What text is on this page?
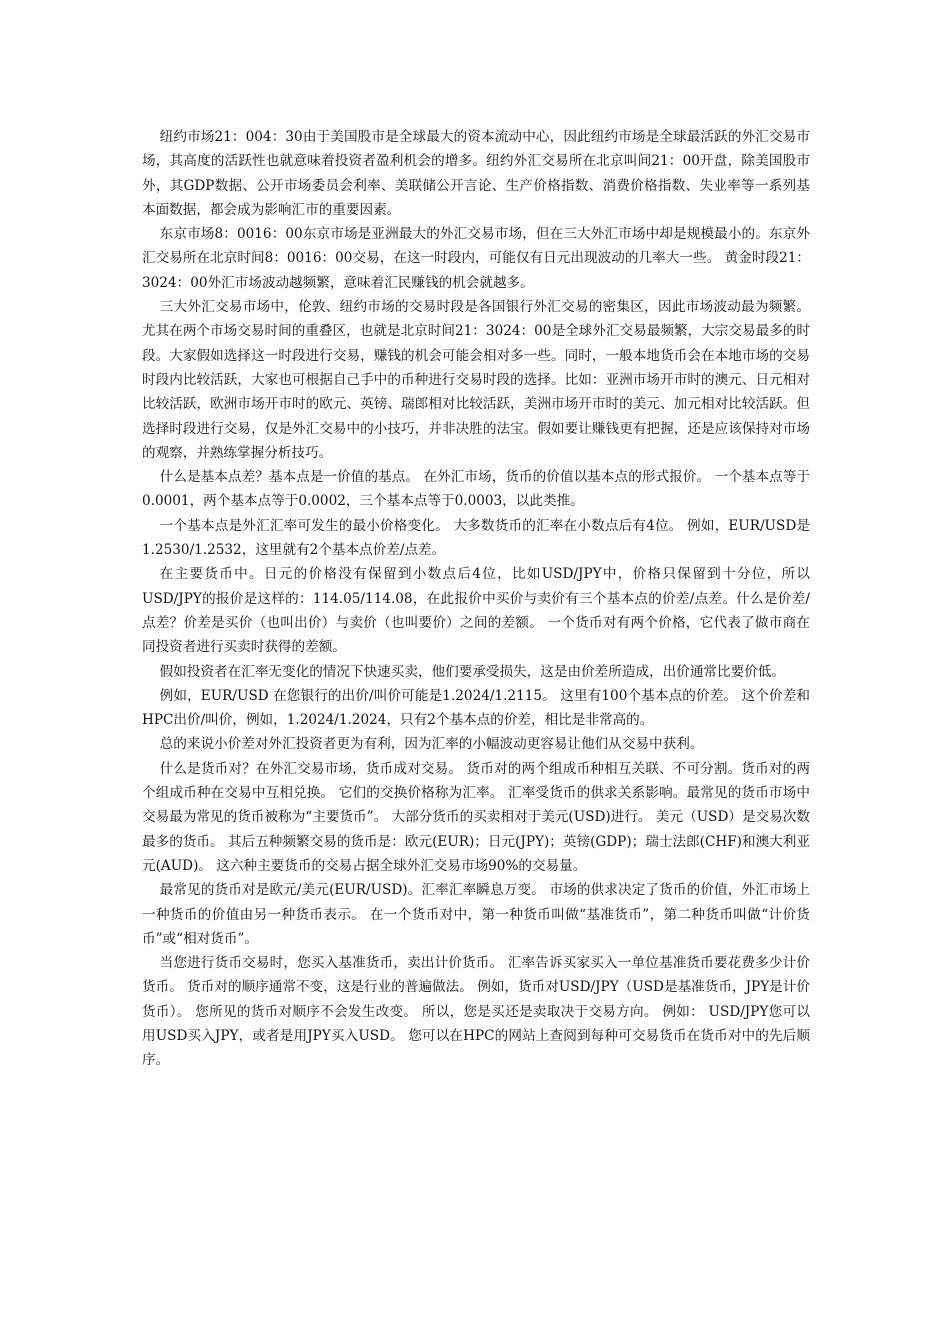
纽约市场21：004：30由于美国股市是全球最大的资本流动中心，因此纽约市场是全球最活跃的外汇交易市场，其高度的活跃性也就意味着投资者盈利机会的增多。纽约外汇交易所在北京叫间21：00开盘，除美国股市外，其GDP数据、公开市场委员会利率、美联储公开言论、生产价格指数、消费价格指数、失业率等一系列基本面数据，都会成为影响汇市的重要因素。

东京市场8：0016：00东京市场是亚洲最大的外汇交易市场，但在三大外汇市场中却是规模最小的。东京外汇交易所在北京时间8：0016：00交易，在这一时段内，可能仅有日元出现波动的几率大一些。 黄金时段21：3024：00外汇市场波动越频繁，意味着汇民赚钱的机会就越多。

三大外汇交易市场中，伦敦、纽约市场的交易时段是各国银行外汇交易的密集区，因此市场波动最为频繁。尤其在两个市场交易时间的重叠区，也就是北京时间21：3024：00是全球外汇交易最频繁，大宗交易最多的时段。大家假如选择这一时段进行交易，赚钱的机会可能会相对多一些。同时，一般本地货币会在本地市场的交易时段内比较活跃，大家也可根据自己手中的币种进行交易时段的选择。比如：亚洲市场开市时的澳元、日元相对比较活跃，欧洲市场开市时的欧元、英镑、瑞郎相对比较活跃，美洲市场开市时的美元、加元相对比较活跃。但选择时段进行交易，仅是外汇交易中的小技巧，并非决胜的法宝。假如要让赚钱更有把握，还是应该保持对市场的观察，并熟练掌握分析技巧。

什么是基本点差？基本点是一价值的基点。 在外汇市场，货币的价值以基本点的形式报价。 一个基本点等于0.0001，两个基本点等于0.0002，三个基本点等于0.0003，以此类推。

一个基本点是外汇汇率可发生的最小价格变化。 大多数货币的汇率在小数点后有4位。 例如，EUR/USD是1.2530/1.2532，这里就有2个基本点价差/点差。

在主要货币中。日元的价格没有保留到小数点后4位，比如USD/JPY中，价格只保留到十分位，所以USD/JPY的报价是这样的：114.05/114.08，在此报价中买价与卖价有三个基本点的价差/点差。什么是价差/点差？价差是买价（也叫出价）与卖价（也叫要价）之间的差额。 一个货币对有两个价格，它代表了做市商在同投资者进行买卖时获得的差额。

假如投资者在汇率无变化的情况下快速买卖，他们要承受损失，这是由价差所造成，出价通常比要价低。

例如，EUR/USD 在您银行的出价/叫价可能是1.2024/1.2115。 这里有100个基本点的价差。 这个价差和HPC出价/叫价，例如，1.2024/1.2024，只有2个基本点的价差，相比是非常高的。

总的来说小价差对外汇投资者更为有利，因为汇率的小幅波动更容易让他们从交易中获利。

什么是货币对？在外汇交易市场，货币成对交易。 货币对的两个组成币种相互关联、不可分割。货币对的两个组成币种在交易中互相兑换。 它们的交换价格称为汇率。 汇率受货币的供求关系影响。最常见的货币市场中交易最为常见的货币被称为“主要货币”。 大部分货币的买卖相对于美元(USD)进行。 美元（USD）是交易次数最多的货币。 其后五种频繁交易的货币是：欧元(EUR)；日元(JPY)；英镑(GDP)；瑞士法郎(CHF)和澳大利亚元(AUD)。 这六种主要货币的交易占据全球外汇交易市场90%的交易量。

最常见的货币对是欧元/美元(EUR/USD)。汇率汇率瞬息万变。 市场的供求决定了货币的价值，外汇市场上一种货币的价值由另一种货币表示。 在一个货币对中，第一种货币叫做“基准货币”，第二种货币叫做“计价货币”或“相对货币”。

当您进行货币交易时，您买入基准货币，卖出计价货币。 汇率告诉买家买入一单位基准货币要花费多少计价货币。 货币对的顺序通常不变，这是行业的普遍做法。 例如，货币对USD/JPY（USD是基准货币，JPY是计价货币）。 您所见的货币对顺序不会发生改变。 所以，您是买还是卖取决于交易方向。 例如： USD/JPY您可以用USD买入JPY，或者是用JPY买入USD。 您可以在HPC的网站上查阅到每种可交易货币在货币对中的先后顺序。
